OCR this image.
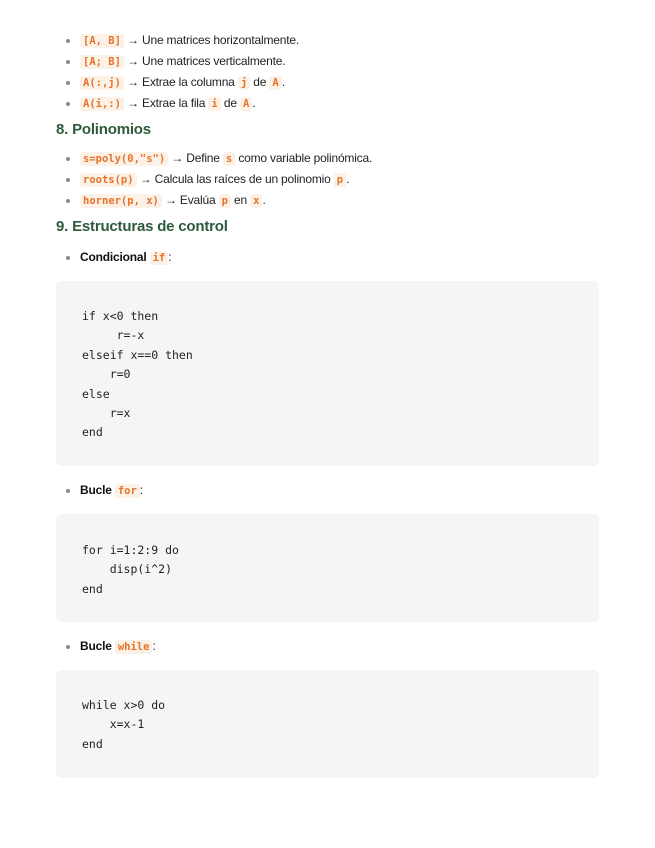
[A, B] → Une matrices horizontalmente.
[A; B] → Une matrices verticalmente.
A(:,j) → Extrae la columna j de A .
A(i,:) → Extrae la fila i de A .
8. Polinomios
s=poly(0,"s") → Define s como variable polinómica.
roots(p) → Calcula las raíces de un polinomio p .
horner(p, x) → Evalúa p en x .
9. Estructuras de control
Condicional if :
if x<0 then
r=-x
elseif x==0 then
r=0
else
r=x
end
Bucle for :
for i=1:2:9 do
disp(i^2)
end
Bucle while :
while x>0 do
x=x-1
end
